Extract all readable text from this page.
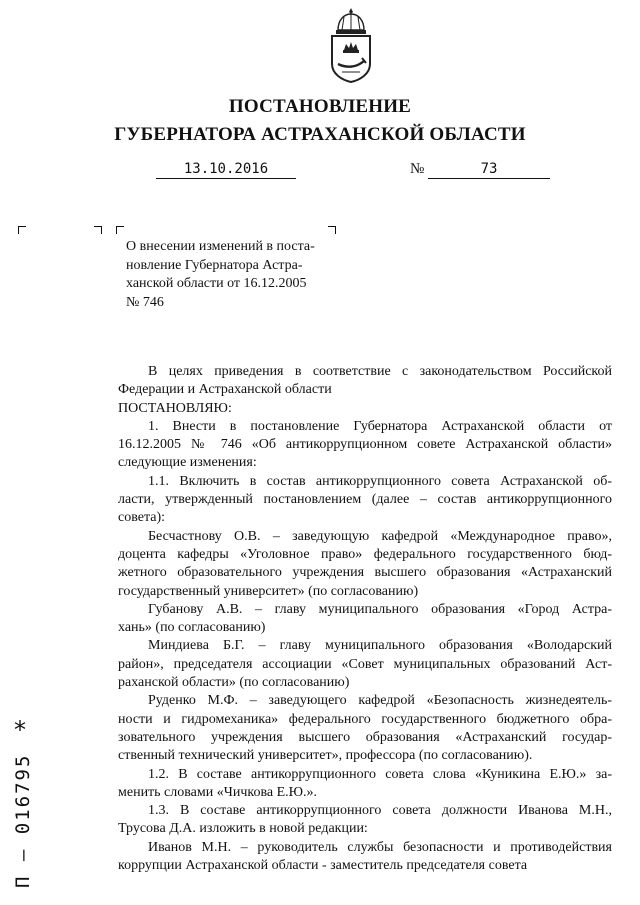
ПОСТАНОВЛЕНИЕ
ГУБЕРНАТОРА АСТРАХАНСКОЙ ОБЛАСТИ
13.10.2016	№	73
О внесении изменений в поста-
новление Губернатора Астра-
ханской области от 16.12.2005
№ 746
В целях приведения в соответствие с законодательством Российской
Федерации и Астраханской области
ПОСТАНОВЛЯЮ:
1. Внести в постановление Губернатора Астраханской области от
16.12.2005 № 746 «Об антикоррупционном совете Астраханской области»
следующие изменения:
1.1. Включить в состав антикоррупционного совета Астраханской об-
ласти, утвержденный постановлением (далее – состав антикоррупционного
совета):
Бесчастнову О.В. – заведующую кафедрой «Международное право»,
доцента кафедры «Уголовное право» федерального государственного бюд-
жетного образовательного учреждения высшего образования «Астраханский
государственный университет» (по согласованию)
Губанову А.В. – главу муниципального образования «Город Астра-
хань» (по согласованию)
Миндиева Б.Г. – главу муниципального образования «Володарский
район», председателя ассоциации «Совет муниципальных образований Аст-
раханской области» (по согласованию)
Руденко М.Ф. – заведующего кафедрой «Безопасность жизнедеятель-
ности и гидромеханика» федерального государственного бюджетного обра-
зовательного учреждения высшего образования «Астраханский государ-
ственный технический университет», профессора (по согласованию).
1.2. В составе антикоррупционного совета слова «Куникина Е.Ю.» за-
менить словами «Чичкова Е.Ю.».
1.3. В составе антикоррупционного совета должности Иванова М.Н.,
Трусова Д.А. изложить в новой редакции:
Иванов М.Н. – руководитель службы безопасности и противодействия
коррупции Астраханской области - заместитель председателя совета
*
П – 016795
